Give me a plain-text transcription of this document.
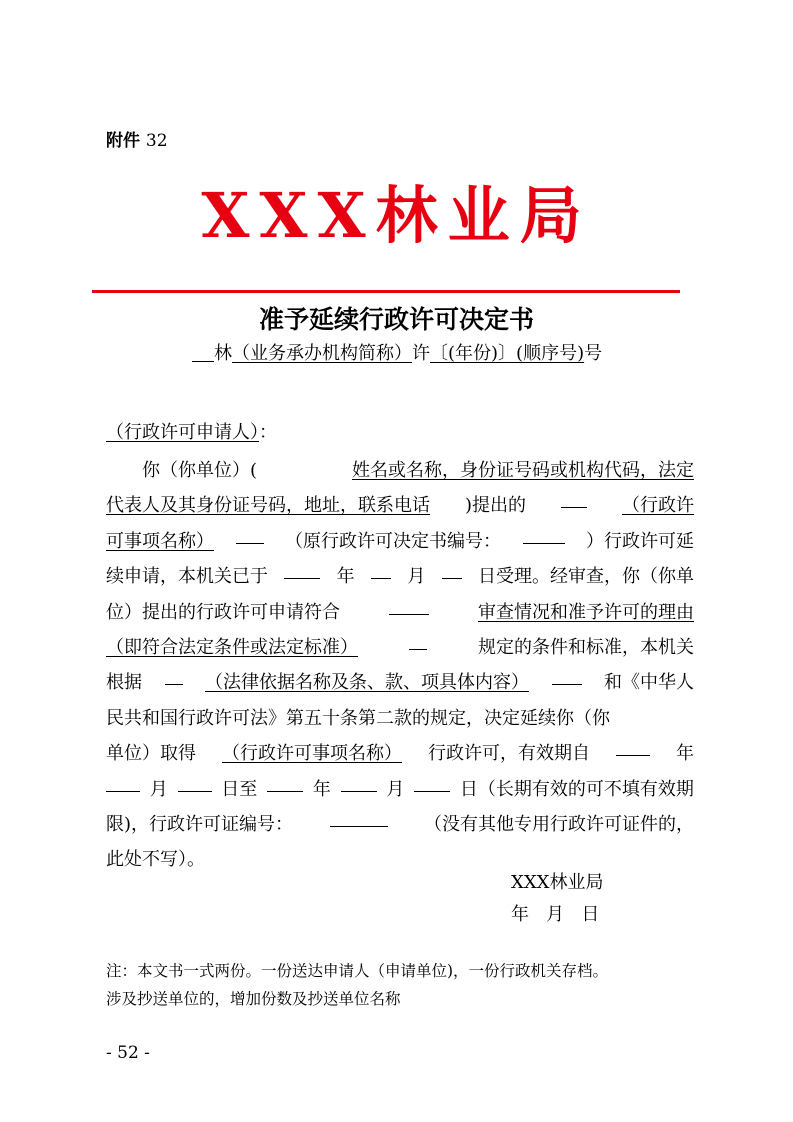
附件 32
XXX林业局
准予延续行政许可决定书
林（业务承办机构简称）许〔(年份)〕(顺序号)号
（行政许可申请人）：
你（你单位）(	姓名或名称，身份证号码或机构代码，法定
代表人及其身份证号码，地址，联系电话 )提出的	（行政许
可事项名称）	（原行政许可决定书编号：	）行政许可延
续申请，本机关已于	年	月	日受理。经审查，你（你单
位）提出的行政许可申请符合	审查情况和准予许可的理由
（即符合法定条件或法定标准）	规定的条件和标准，本机关
根据	（法律依据名称及条、款、项具体内容）	和《中华人
民共和国行政许可法》第五十条第二款的规定，决定延续你（你
单位）取得 （行政许可事项名称） 行政许可，有效期自	年
月	日至	年	月	日（长期有效的可不填有效期
限)，行政许可证编号：	（没有其他专用行政许可证件的，
此处不写）。
XXX林业局
年   月   日
注：本文书一式两份。一份送达申请人（申请单位)，一份行政机关存档。
涉及抄送单位的，增加份数及抄送单位名称
- 52 -
